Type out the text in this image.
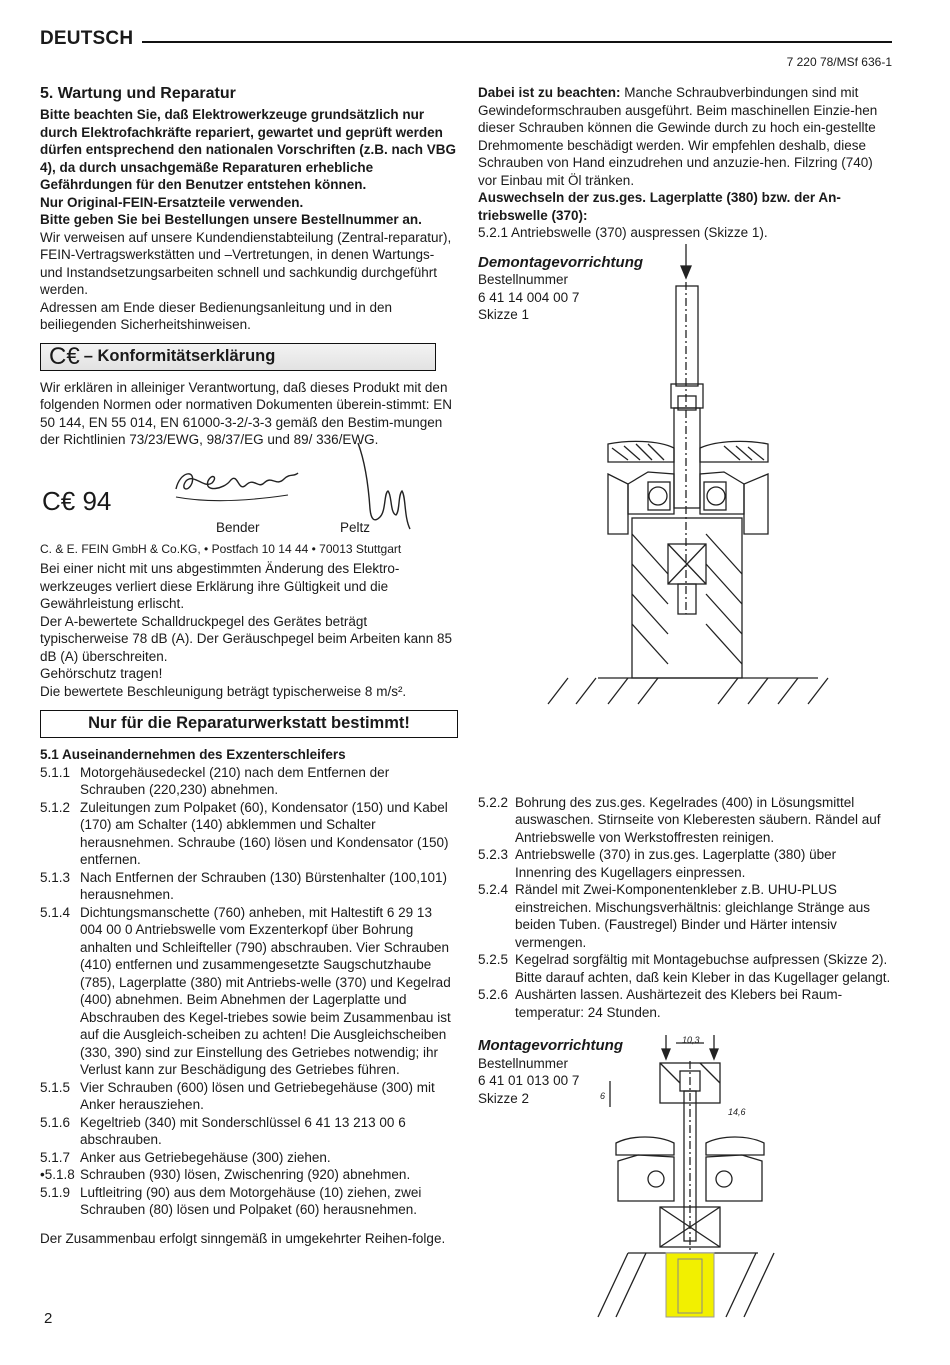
DEUTSCH
7 220 78/MSf 636-1
5. Wartung und Reparatur

Bitte beachten Sie, daß Elektrowerkzeuge grundsätzlich nur durch Elektrofachkräfte repariert, gewartet und geprüft werden dürfen entsprechend den nationalen Vorschriften (z.B. nach VBG 4), da durch unsachgemäße Reparaturen erhebliche Gefährdungen für den Benutzer entstehen können.

Nur Original-FEIN-Ersatzteile verwenden.

Bitte geben Sie bei Bestellungen unsere Bestellnummer an.

Wir verweisen auf unsere Kundendienstabteilung (Zentral-reparatur), FEIN-Vertragswerkstätten und –Vertretungen, in denen Wartungs- und Instandsetzungsarbeiten schnell und sachkundig durchgeführt werden.

Adressen am Ende dieser Bedienungsanleitung und in den beiliegenden Sicherheitshinweisen.

C€ – Konformitätserklärung

Wir erklären in alleiniger Verantwortung, daß dieses Produkt mit den folgenden Normen oder normativen Dokumenten überein-stimmt: EN 50 144, EN 55 014, EN 61000-3-2/-3-3 gemäß den Bestim-mungen der Richtlinien 73/23/EWG, 98/37/EG und 89/ 336/EWG.

C€ 94
Bender	Peltz

C. & E. FEIN GmbH & Co.KG, • Postfach 10 14 44 • 70013 Stuttgart

Bei einer nicht mit uns abgestimmten Änderung des Elektro-werkzeuges verliert diese Erklärung ihre Gültigkeit und die Gewährleistung erlischt.

Der A-bewertete Schalldruckpegel des Gerätes beträgt typischerweise 78 dB (A). Der Geräuschpegel beim Arbeiten kann 85 dB (A) überschreiten.

Gehörschutz tragen!

Die bewertete Beschleunigung beträgt typischerweise 8 m/s².

Nur für die Reparaturwerkstatt bestimmt!

5.1 Auseinandernehmen des Exzenterschleifers

5.1.1 Motorgehäusedeckel (210) nach dem Entfernen der Schrauben (220,230) abnehmen.
5.1.2 Zuleitungen zum Polpaket (60), Kondensator (150) und Kabel (170) am Schalter (140) abklemmen und Schalter herausnehmen. Schraube (160) lösen und Kondensator (150) entfernen.
5.1.3 Nach Entfernen der Schrauben (130) Bürstenhalter (100,101) herausnehmen.
5.1.4 Dichtungsmanschette (760) anheben, mit Haltestift 6 29 13 004 00 0 Antriebswelle vom Exzenterkopf über Bohrung anhalten und Schleifteller (790) abschrauben. Vier Schrauben (410) entfernen und zusammengesetzte Saugschutzhaube (785), Lagerplatte (380) mit Antriebs-welle (370) und Kegelrad (400) abnehmen. Beim Abnehmen der Lagerplatte und Abschrauben des Kegel-triebes sowie beim Zusammenbau ist auf die Ausgleich-scheiben zu achten! Die Ausgleichscheiben (330, 390) sind zur Einstellung des Getriebes notwendig; ihr Verlust kann zur Beschädigung des Getriebes führen.
5.1.5 Vier Schrauben (600) lösen und Getriebegehäuse (300) mit Anker herausziehen.
5.1.6 Kegeltrieb (340) mit Sonderschlüssel 6 41 13 213 00 6 abschrauben.
5.1.7 Anker aus Getriebegehäuse (300) ziehen.
•5.1.8 Schrauben (930) lösen, Zwischenring (920) abnehmen.
5.1.9 Luftleitring (90) aus dem Motorgehäuse (10) ziehen, zwei Schrauben (80) lösen und Polpaket (60) herausnehmen.

Der Zusammenbau erfolgt sinngemäß in umgekehrter Reihen-folge.

Dabei ist zu beachten: Manche Schraubverbindungen sind mit Gewindeformschrauben ausgeführt. Beim maschinellen Einzie-hen dieser Schrauben können die Gewinde durch zu hoch ein-gestellte Drehmomente beschädigt werden. Wir empfehlen deshalb, diese Schrauben von Hand einzudrehen und anzuzie-hen. Filzring (740) vor Einbau mit Öl tränken.

Auswechseln der zus.ges. Lagerplatte (380) bzw. der An-triebswelle (370):

5.2.1 Antriebswelle (370) auspressen (Skizze 1).

Demontagevorrichtung
Bestellnummer
6 41 14 004 00 7
Skizze 1
5.2.2 Bohrung des zus.ges. Kegelrades (400) in Lösungsmittel auswaschen. Stirnseite von Kleberesten säubern. Rändel auf Antriebswelle von Werkstoffresten reinigen.
5.2.3 Antriebswelle (370) in zus.ges. Lagerplatte (380) über Innenring des Kugellagers einpressen.
5.2.4 Rändel mit Zwei-Komponentenkleber z.B. UHU-PLUS einstreichen. Mischungsverhältnis: gleichlange Stränge aus beiden Tuben. (Faustregel) Binder und Härter intensiv vermengen.
5.2.5 Kegelrad sorgfältig mit Montagebuchse aufpressen (Skizze 2). Bitte darauf achten, daß kein Kleber in das Kugellager gelangt.
5.2.6 Aushärten lassen. Aushärtezeit des Klebers bei Raum-temperatur: 24 Stunden.
Montagevorrichtung
Bestellnummer
6 41 01 013 00 7
Skizze 2
10,3
14,6
6
2
